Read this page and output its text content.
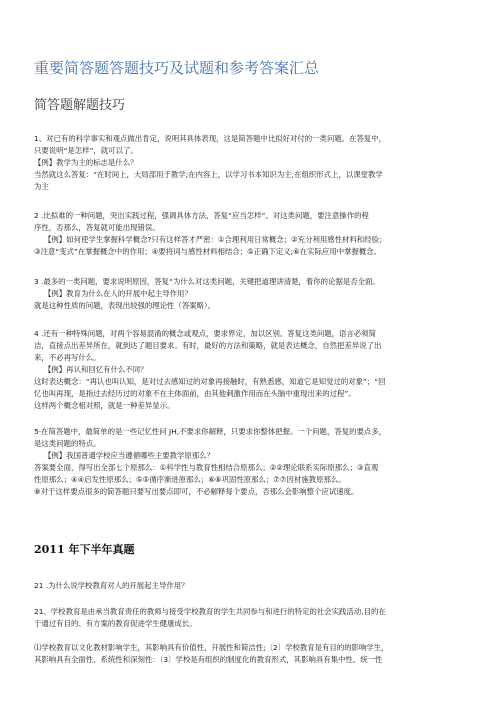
重要简答题答题技巧及试题和参考答案汇总
简答题解题技巧

1、对已有的科学事实和观点做出肯定，说明其具体表现，这是简答题中比拟好对付的一类问题。在答复中，

只要说明“是怎样”，就可以了。

【例】教学为主的标志是什么？

当然就这么答复：“在时间上，大局部用于教学;在内容上，以学习书本知识为主;在组织形式上，以课堂教学

为主

2 .比拟难的一种问题，突出实践过程，强调具体方法，答复“应当怎样”。对这类问题，要注意操作的程

序性，否那么，答复就可能出现错误。

【例】如何使学生掌握科学概念?只有这样答才严密：①合理利用日常概念；②充分利用感性材料和经验；

③注意“变式”在掌握概念中的作用；④要将词与感性材料相结合；⑤正确下定义;⑥在实际应用中掌握概念。

3 .最多的一类问题，要求说明原因，答复“为什么对这类问题，关键把道理讲清楚，着你的论据是否全面。

【例】教育为什么在人的开展中起主导作用？

就是这种性质的问题，表现出较强的理论性（答案略）。

4 .还有一种特殊问题，对两个容易混淆的概念或观点，要求界定，加以区别。答复这类问题，语言必须简

洁，直接点出差异所在，就到达了题目要求。有时，最好的方法和策略，就是表达概念，自然把差异说了出

来，不必再写什么。

【例】再认和回忆有什么不同？

这时表达概念：“再认也叫认知，是对过去感知过的对象再接触时，有熟悉感，知道它是知觉过的对象”；“回

忆也叫再现，是指过去经历过的对象不在主体面前，由其他刺激作用而在头脑中重现出来的过程”。

这样两个概念相对照，就是一种差异显示。

5·在简答题中，最简单的是一些记忆性问 JH,不要求你解释，只要求你整体把握。一个问题，答复的要点多，

是这类问题的特点。

【例】我国普通学校应当遵循哪些主要教学原那么？

答案要全面，得写出全部七个原那么：①科学性与教育性相结合原那么；②②理论联系实际原那么；③直观

性原那么；④④启发性原那么；⑤⑤循序渐进原那么；⑥⑥巩固性原那么；⑦⑦因材施教原那么。

⑧对于这样要点很多的简答题只要写出要点即可，不必解释每个要点，否那么会影响整个应试速度。

2011 年下半年真题

21 .为什么说学校教育对人的开展起主导作用？

21、学校教育是由承当教育责任的教师与接受学校教育的学生共同参与和进行的特定的社会实践活动,目的在

于通过有目的、有方案的教育促进学生健康成长。

⑴学校教育以文化教材影响学生，其影响具有价值性、开展性和简洁性;〔2〕学校教育是有目的的影响学生，

其影响具有全面性、系统性和深刻性：〔3〕学校是有组织的制度化的教育形式，其影响具有集中性、统一性
